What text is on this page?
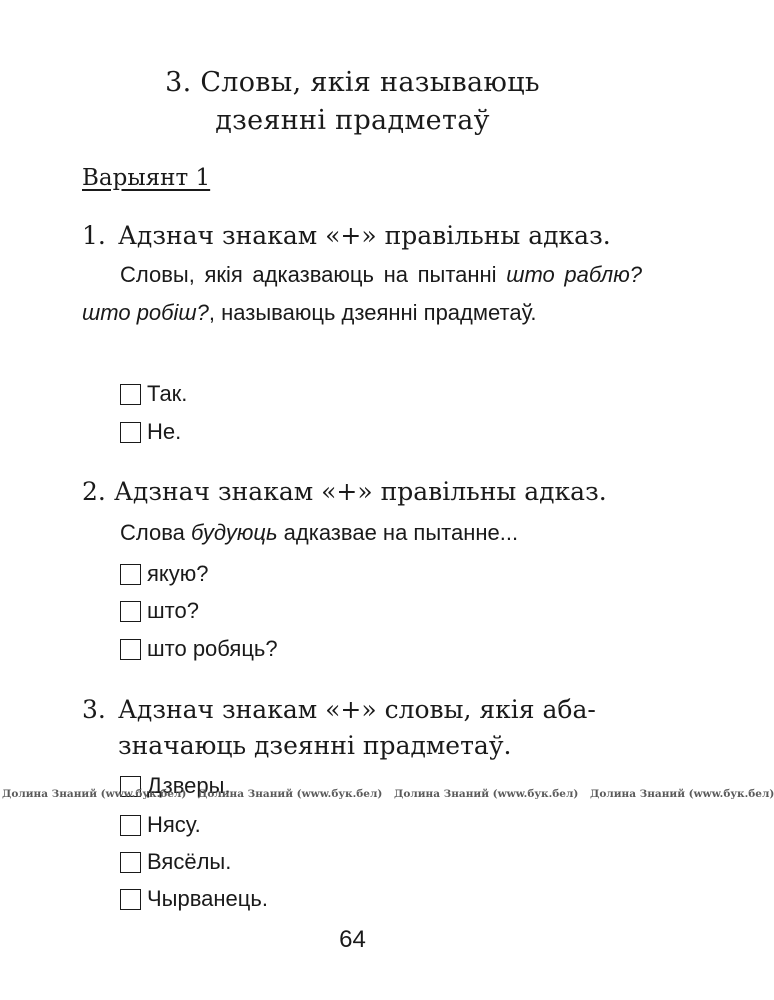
3. Словы, якія называюць
дзеянні прадметаў
Варыянт 1
1. Адзнач знакам «+» правільны адказ.
Словы, якія адказваюць на пытанні што раблю? што робіш?, называюць дзеянні прадметаў.
Так.
Не.
2. Адзнач знакам «+» правільны адказ.
Слова будуюць адказвае на пытанне...
якую?
што?
што робяць?
3. Адзнач знакам «+» словы, якія аба-
значаюць дзеянні прадметаў.
Дзверы.
Нясу.
Вясёлы.
Чырванець.
Долина Знаний (www.бук.бел) Долина Знаний (www.бук.бел) Долина Знаний (www.бук.бел) Долина Знаний (www.бук.бел)
64
